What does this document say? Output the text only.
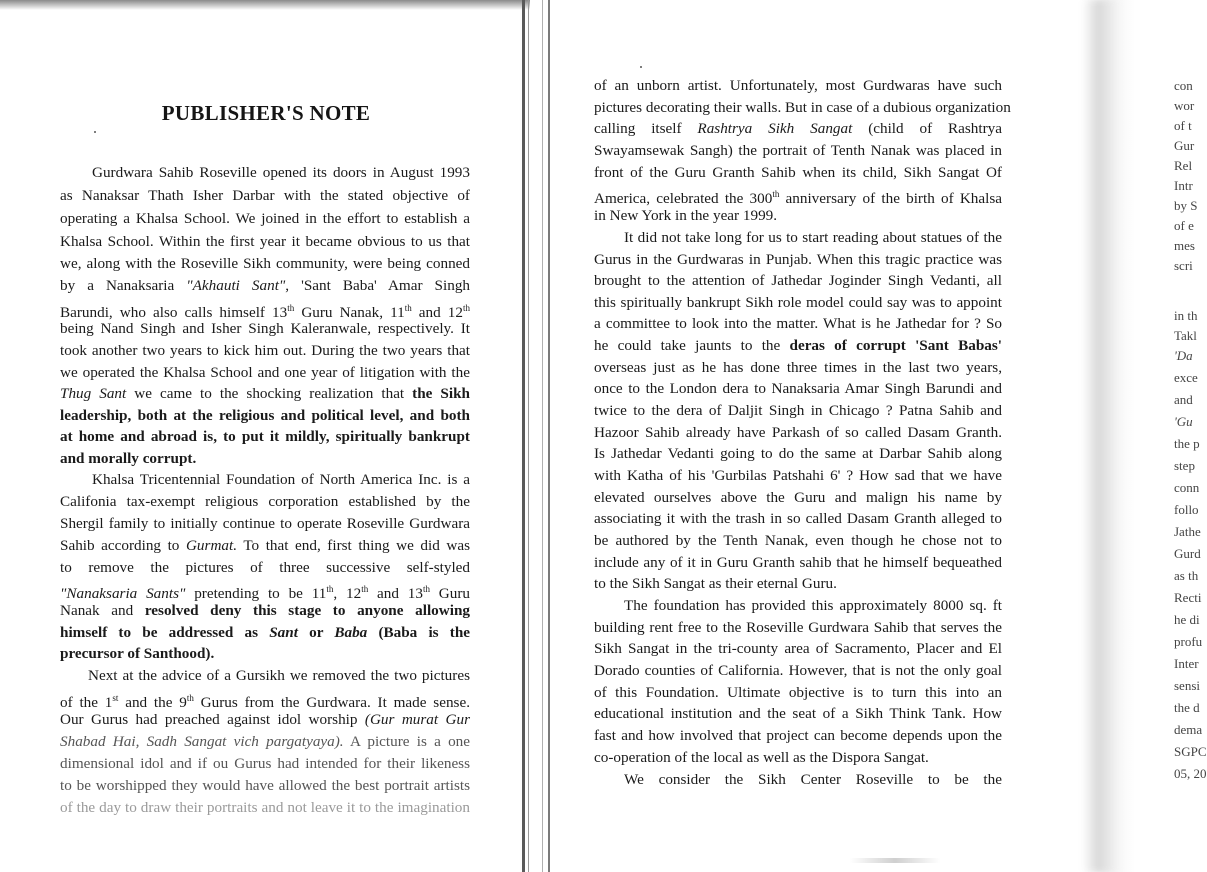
PUBLISHER'S NOTE
Gurdwara Sahib Roseville opened its doors in August 1993
as Nanaksar Thath Isher Darbar with the stated objective of
operating a Khalsa School. We joined in the effort to establish a
Khalsa School. Within the first year it became obvious to us that
we, along with the Roseville Sikh community, were being conned
by a Nanaksaria "Akhauti Sant", 'Sant Baba' Amar Singh
Barundi, who also calls himself 13th Guru Nanak, 11th and 12th
being Nand Singh and Isher Singh Kaleranwale, respectively. It
took another two years to kick him out. During the two years that
we operated the Khalsa School and one year of litigation with the
Thug Sant we came to the shocking realization that the Sikh
leadership, both at the religious and political level, and both
at home and abroad is, to put it mildly, spiritually bankrupt
and morally corrupt.
Khalsa Tricentennial Foundation of North America Inc. is a
Califonia tax-exempt religious corporation established by the
Shergil family to initially continue to operate Roseville Gurdwara
Sahib according to Gurmat. To that end, first thing we did was
to remove the pictures of three successive self-styled
"Nanaksaria Sants" pretending to be 11th, 12th and 13th Guru
Nanak and resolved deny this stage to anyone allowing
himself to be addressed as Sant or Baba (Baba is the
precursor of Santhood).
Next at the advice of a Gursikh we removed the two pictures
of the 1st and the 9th Gurus from the Gurdwara. It made sense.
Our Gurus had preached against idol worship (Gur murat Gur
Shabad Hai, Sadh Sangat vich pargatyaya). A picture is a one
dimensional idol and if ou Gurus had intended for their likeness
to be worshipped they would have allowed the best portrait artists
of the day to draw their portraits and not leave it to the imagination
of an unborn artist. Unfortunately, most Gurdwaras have such
pictures decorating their walls. But in case of a dubious organization
calling itself Rashtrya Sikh Sangat (child of Rashtrya
Swayamsewak Sangh) the portrait of Tenth Nanak was placed in
front of the Guru Granth Sahib when its child, Sikh Sangat Of
America, celebrated the 300th anniversary of the birth of Khalsa
in New York in the year 1999.
It did not take long for us to start reading about statues of the
Gurus in the Gurdwaras in Punjab. When this tragic practice was
brought to the attention of Jathedar Joginder Singh Vedanti, all
this spiritually bankrupt Sikh role model could say was to appoint
a committee to look into the matter. What is he Jathedar for ? So
he could take jaunts to the deras of corrupt 'Sant Babas'
overseas just as he has done three times in the last two years,
once to the London dera to Nanaksaria Amar Singh Barundi and
twice to the dera of Daljit Singh in Chicago ? Patna Sahib and
Hazoor Sahib already have Parkash of so called Dasam Granth.
Is Jathedar Vedanti going to do the same at Darbar Sahib along
with Katha of his 'Gurbilas Patshahi 6' ? How sad that we have
elevated ourselves above the Guru and malign his name by
associating it with the trash in so called Dasam Granth alleged to
be authored by the Tenth Nanak, even though he chose not to
include any of it in Guru Granth sahib that he himself bequeathed
to the Sikh Sangat as their eternal Guru.
The foundation has provided this approximately 8000 sq. ft
building rent free to the Roseville Gurdwara Sahib that serves the
Sikh Sangat in the tri-county area of Sacramento, Placer and El
Dorado counties of California. However, that is not the only goal
of this Foundation. Ultimate objective is to turn this into an
educational institution and the seat of a Sikh Think Tank. How
fast and how involved that project can become depends upon the
co-operation of the local as well as the Dispora Sangat.
We consider the Sikh Center Roseville to be the
con
wor
of t
Gur
Rel
Intr
by S
of e
mes
scri
in th
Takl
'Da
exce
and
'Gu
the p
step
conn
follo
Jathe
Gurd
as th
Recti
he di
profu
Inter
sensi
the d
dema
SGPC
05, 20
